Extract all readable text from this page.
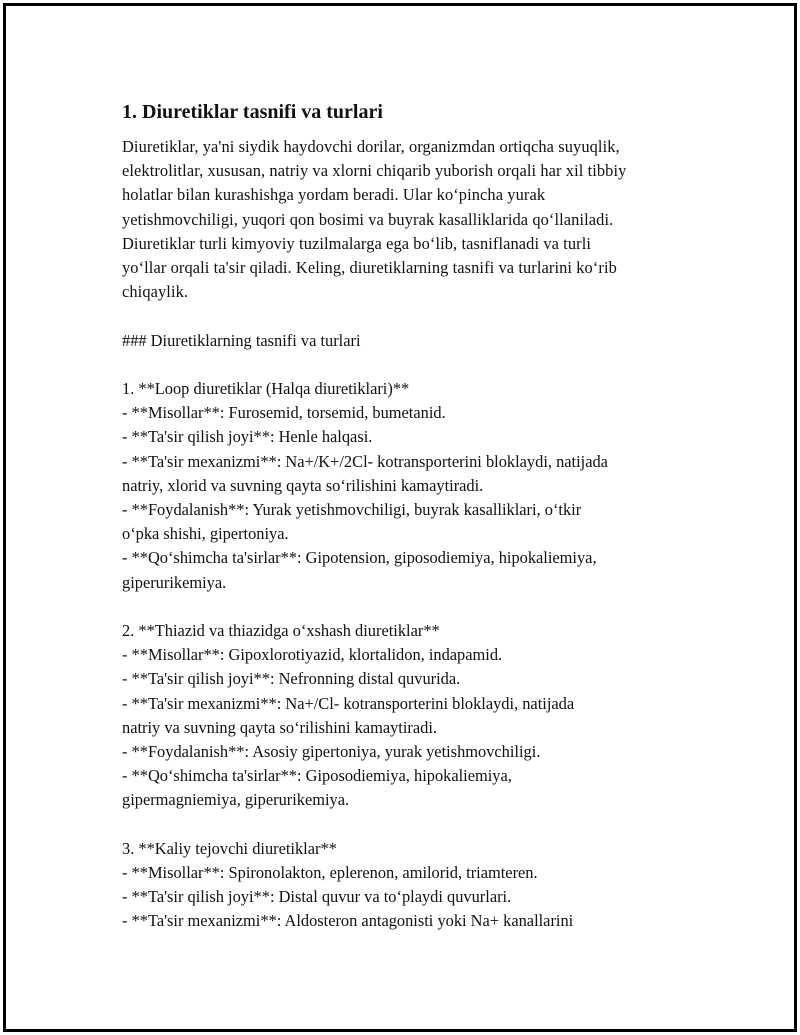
1. Diuretiklar tasnifi va turlari

Diuretiklar, ya'ni siydik haydovchi dorilar, organizmdan ortiqcha suyuqlik,
elektrolitlar, xususan, natriy va xlorni chiqarib yuborish orqali har xil tibbiy
holatlar bilan kurashishga yordam beradi. Ular ko‘pincha yurak
yetishmovchiligi, yuqori qon bosimi va buyrak kasalliklarida qo‘llaniladi.
Diuretiklar turli kimyoviy tuzilmalarga ega bo‘lib, tasniflanadi va turli
yo‘llar orqali ta'sir qiladi. Keling, diuretiklarning tasnifi va turlarini ko‘rib
chiqaylik.

### Diuretiklarning tasnifi va turlari

1. **Loop diuretiklar (Halqa diuretiklari)**
- **Misollar**: Furosemid, torsemid, bumetanid.
- **Ta'sir qilish joyi**: Henle halqasi.
- **Ta'sir mexanizmi**: Na+/K+/2Cl- kotransporterini bloklaydi, natijada
natriy, xlorid va suvning qayta so‘rilishini kamaytiradi.
- **Foydalanish**: Yurak yetishmovchiligi, buyrak kasalliklari, o‘tkir
o‘pka shishi, gipertoniya.
- **Qo‘shimcha ta'sirlar**: Gipotension, giposodiemiya, hipokaliemiya,
giperurikemiya.

2. **Thiazid va thiazidga o‘xshash diuretiklar**
- **Misollar**: Gipoxlorotiyazid, klortalidon, indapamid.
- **Ta'sir qilish joyi**: Nefronning distal quvurida.
- **Ta'sir mexanizmi**: Na+/Cl- kotransporterini bloklaydi, natijada
natriy va suvning qayta so‘rilishini kamaytiradi.
- **Foydalanish**: Asosiy gipertoniya, yurak yetishmovchiligi.
- **Qo‘shimcha ta'sirlar**: Giposodiemiya, hipokaliemiya,
gipermagniemiya, giperurikemiya.

3. **Kaliy tejovchi diuretiklar**
- **Misollar**: Spironolakton, eplerenon, amilorid, triamteren.
- **Ta'sir qilish joyi**: Distal quvur va to‘playdi quvurlari.
- **Ta'sir mexanizmi**: Aldosteron antagonisti yoki Na+ kanallarini
